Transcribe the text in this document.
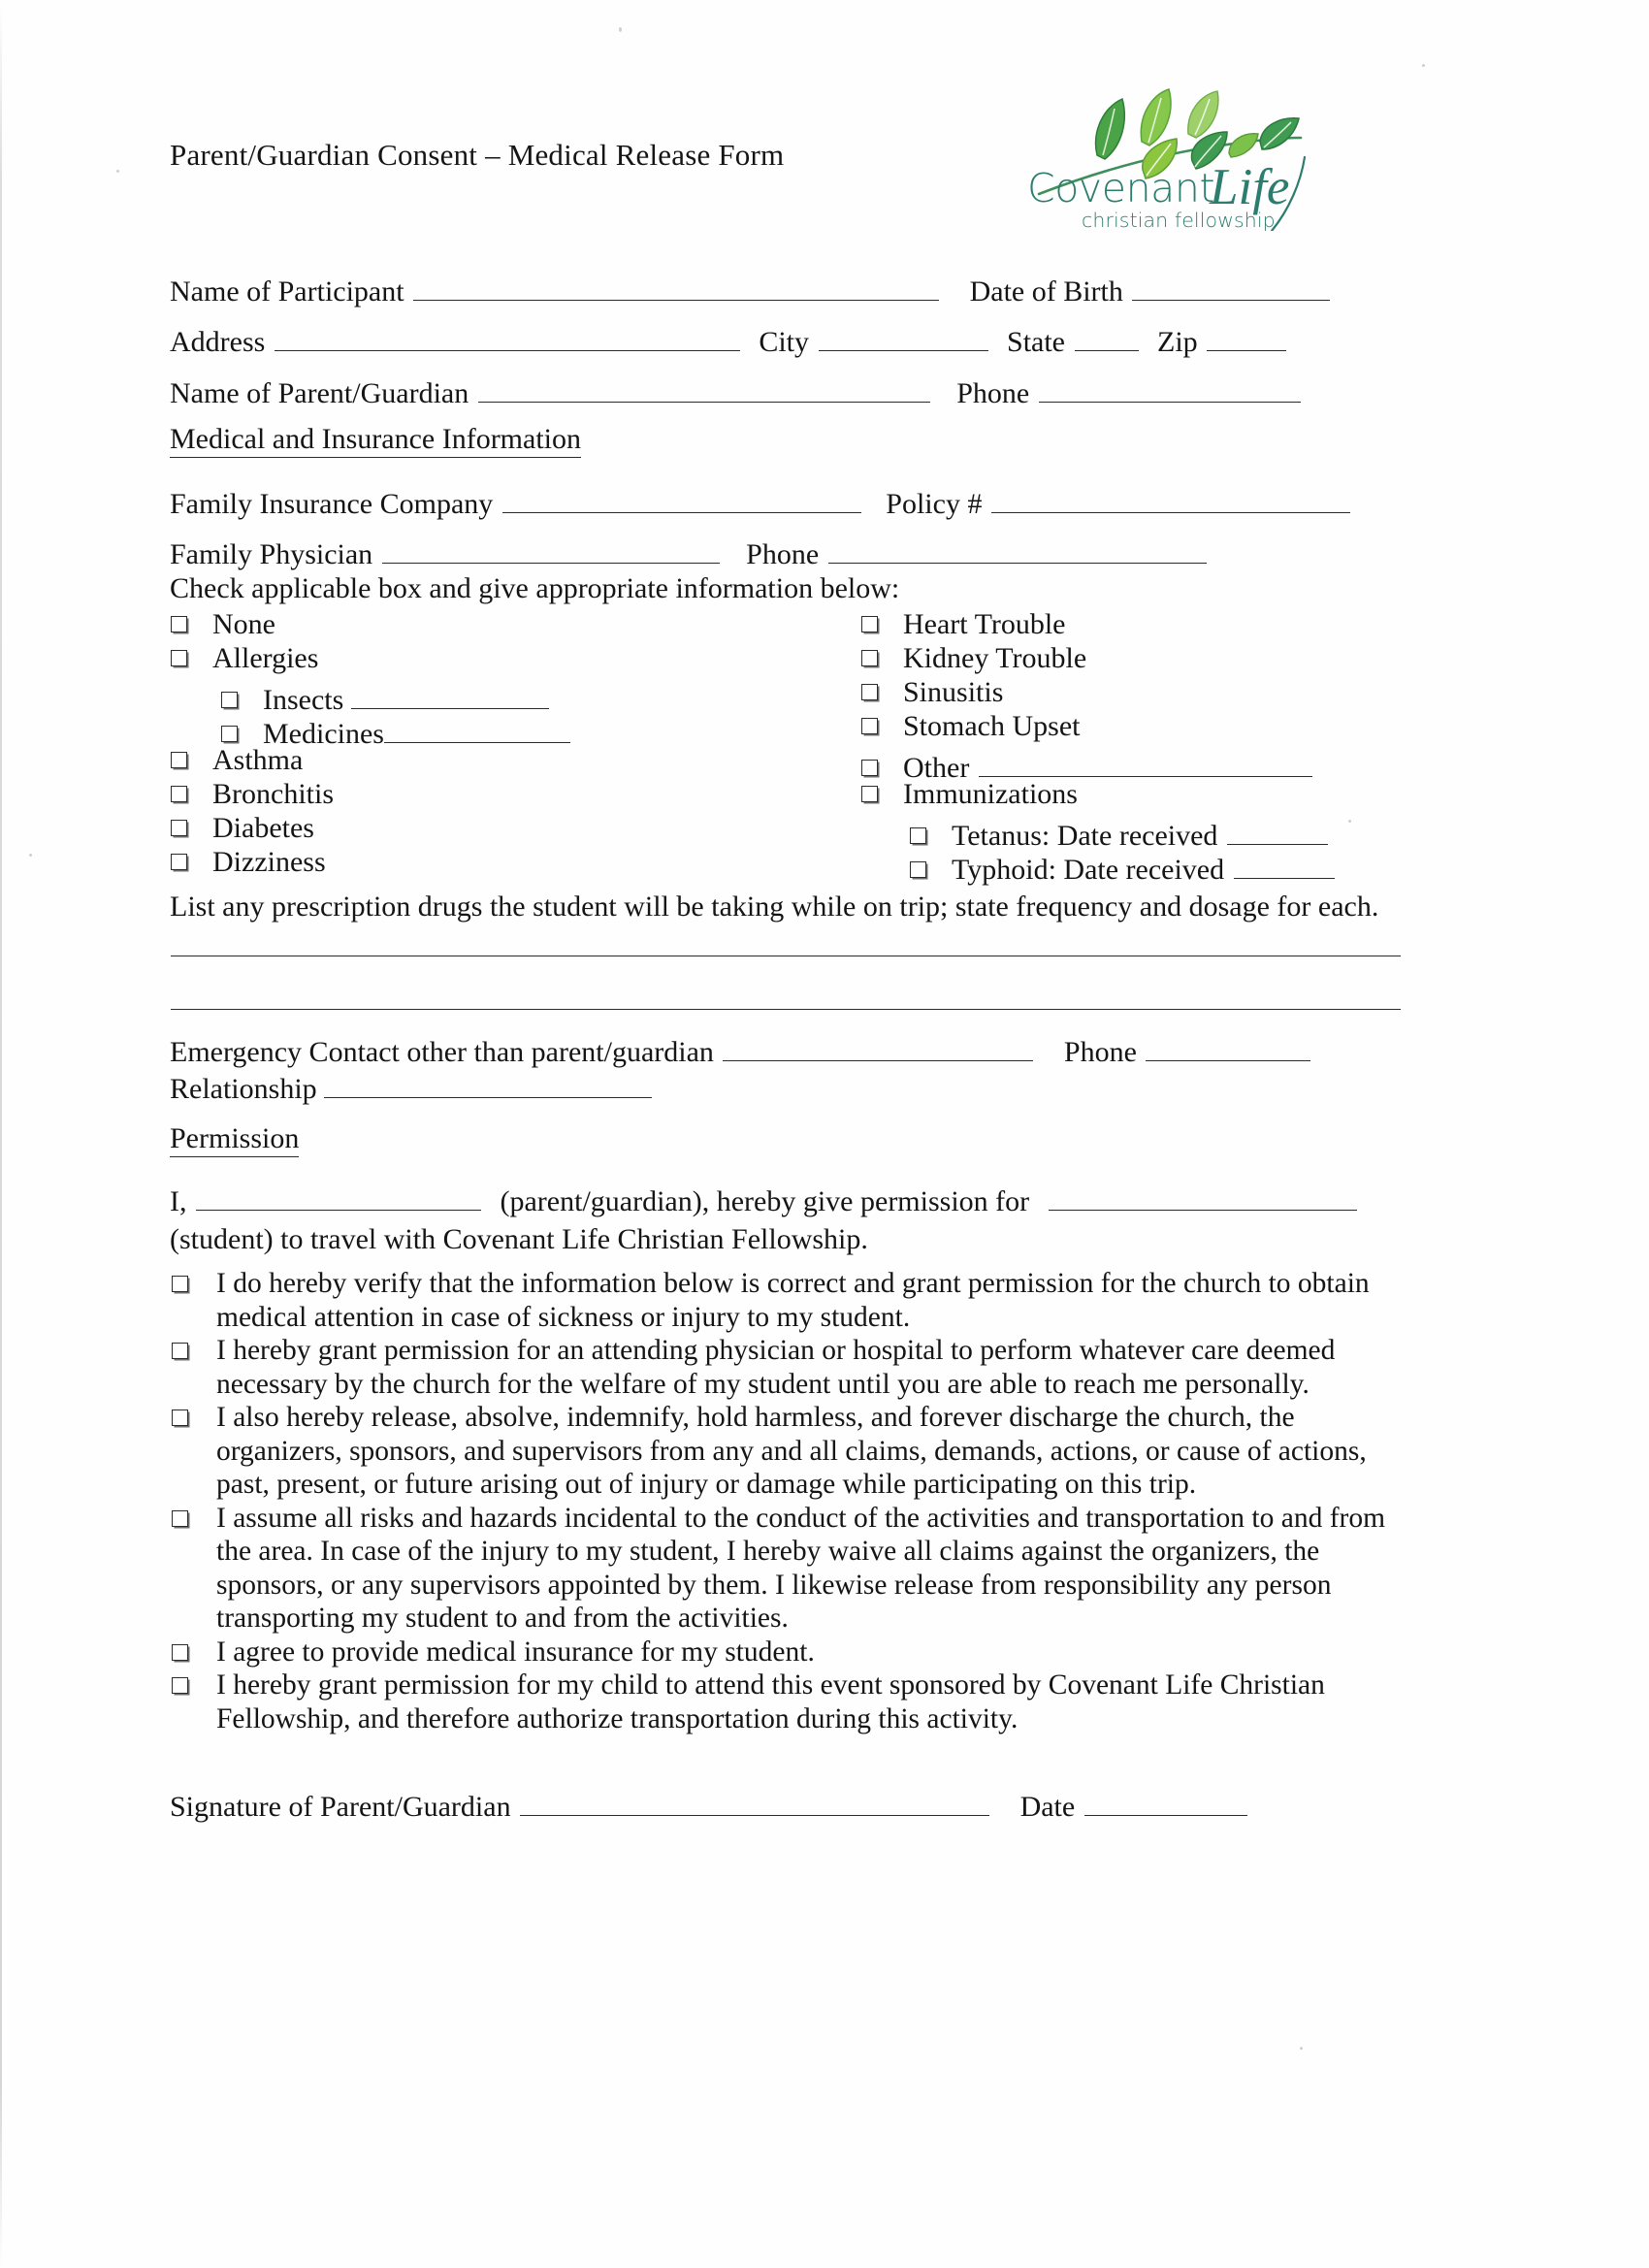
Parent/Guardian Consent – Medical Release Form
Covenant
Life
christian fellowship
Name of Participant	Date of Birth
Address	City	State	Zip
Name of Parent/Guardian	Phone
Medical and Insurance Information
Family Insurance Company	Policy #
Family Physician	Phone
Check applicable box and give appropriate information below:
None
Allergies
Insects
Medicines
Asthma
Bronchitis
Diabetes
Dizziness
Heart Trouble
Kidney Trouble
Sinusitis
Stomach Upset
Other
Immunizations
Tetanus: Date received
Typhoid: Date received
List any prescription drugs the student will be taking while on trip; state frequency and dosage for each.
Emergency Contact other than parent/guardian	Phone
Relationship
Permission
I,	(parent/guardian), hereby give permission for
(student) to travel with Covenant Life Christian Fellowship.

I do hereby verify that the information below is correct and grant permission for the church to obtain medical attention in case of sickness or injury to my student.

I hereby grant permission for an attending physician or hospital to perform whatever care deemed necessary by the church for the welfare of my student until you are able to reach me personally.

I also hereby release, absolve, indemnify, hold harmless, and forever discharge the church, the organizers, sponsors, and supervisors from any and all claims, demands, actions, or cause of actions, past, present, or future arising out of injury or damage while participating on this trip.

I assume all risks and hazards incidental to the conduct of the activities and transportation to and from the area. In case of the injury to my student, I hereby waive all claims against the organizers, the sponsors, or any supervisors appointed by them. I likewise release from responsibility any person transporting my student to and from the activities.

I agree to provide medical insurance for my student.

I hereby grant permission for my child to attend this event sponsored by Covenant Life Christian Fellowship, and therefore authorize transportation during this activity.

Signature of Parent/Guardian	Date
